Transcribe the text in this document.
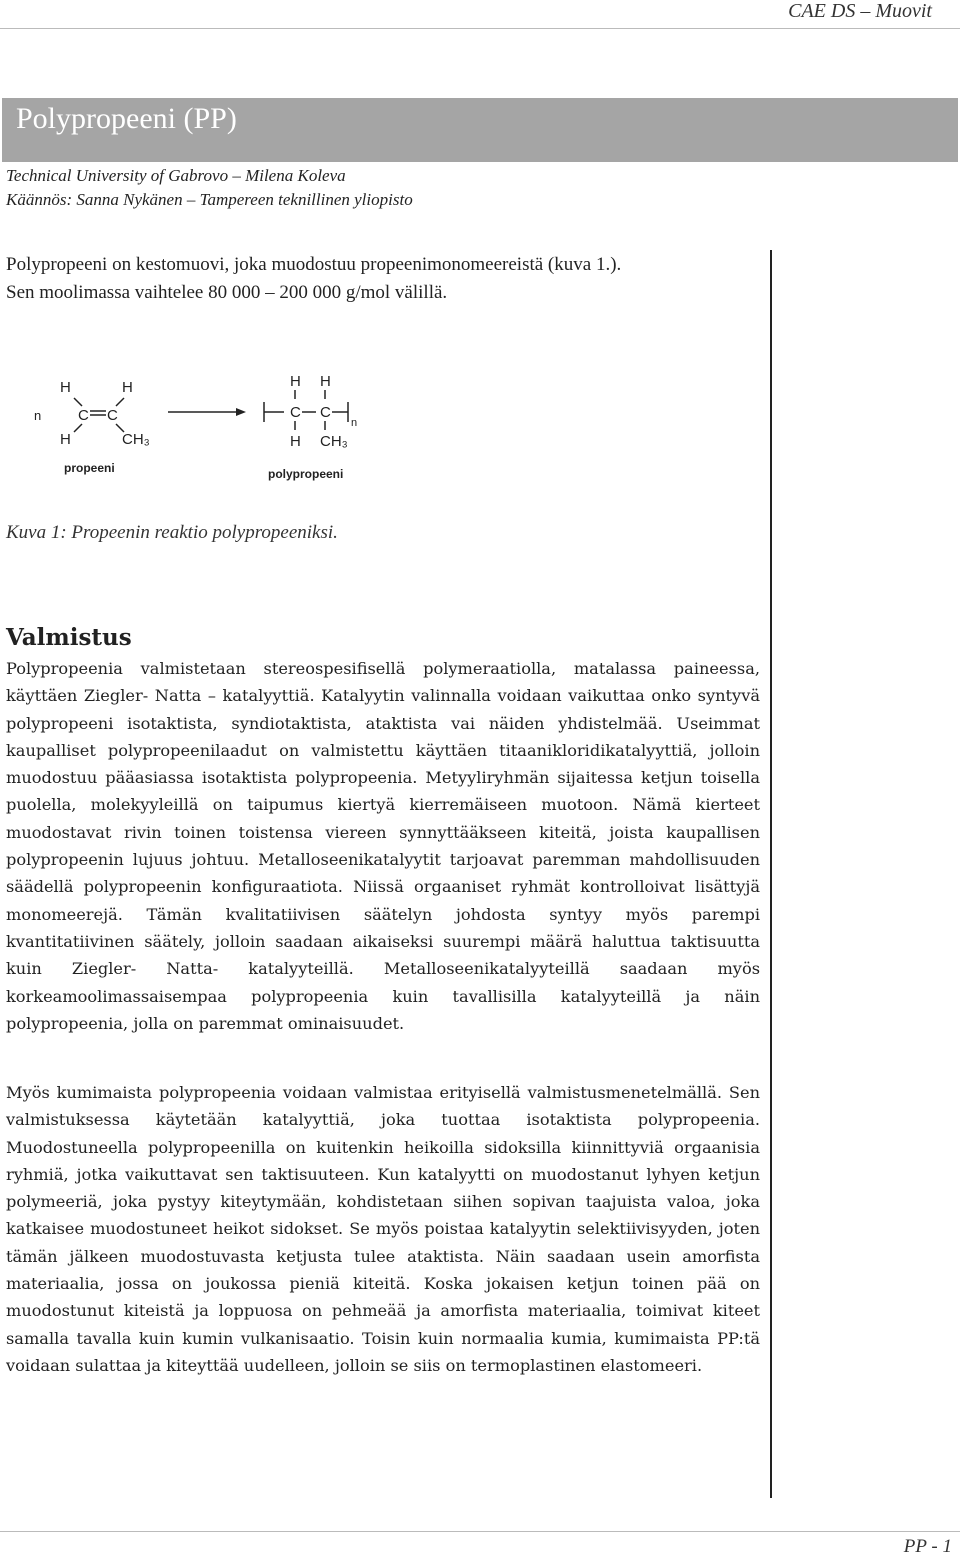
CAE DS – Muovit
Polypropeeni (PP)
Technical University of Gabrovo – Milena Koleva
Käännös: Sanna Nykänen – Tampereen teknillinen yliopisto
Polypropeeni on kestomuovi, joka muodostuu propeenimonomeereistä (kuva 1.).
Sen moolimassa vaihtelee 80 000 – 200 000 g/mol välillä.
n
H	H
C C
H	CH₃
propeeni
H H
C C
n
H CH₃
polypropeeni
Kuva 1: Propeenin reaktio polypropeeniksi.
Valmistus

Polypropeenia valmistetaan stereospesifisellä polymeraatiolla, matalassa paineessa, käyttäen Ziegler- Natta – katalyyttiä. Katalyytin valinnalla voidaan vaikuttaa onko syntyvä polypropeeni isotaktista, syndiotaktista, ataktista vai näiden yhdistelmää. Useimmat kaupalliset polypropeenilaadut on valmistettu käyttäen titaanikloridikatalyyttiä, jolloin muodostuu pääasiassa isotaktista polypropeenia. Metyyliryhmän sijaitessa ketjun toisella puolella, molekyyleillä on taipumus kiertyä kierremäiseen muotoon. Nämä kierteet muodostavat rivin toinen toistensa viereen synnyttääkseen kiteitä, joista kaupallisen polypropeenin lujuus johtuu. Metalloseenikatalyytit tarjoavat paremman mahdollisuuden säädellä polypropeenin konfiguraatiota. Niissä orgaaniset ryhmät kontrolloivat lisättyjä monomeerejä. Tämän kvalitatiivisen säätelyn johdosta syntyy myös parempi kvantitatiivinen säätely, jolloin saadaan aikaiseksi suurempi määrä haluttua taktisuutta kuin Ziegler- Natta- katalyyteillä. Metalloseenikatalyyteillä saadaan myös korkeamoolimassaisempaa polypropeenia kuin tavallisilla katalyyteillä ja näin polypropeenia, jolla on paremmat ominaisuudet.

Myös kumimaista polypropeenia voidaan valmistaa erityisellä valmistusmenetelmällä. Sen valmistuksessa käytetään katalyyttiä, joka tuottaa isotaktista polypropeenia. Muodostuneella polypropeenilla on kuitenkin heikoilla sidoksilla kiinnittyviä orgaanisia ryhmiä, jotka vaikuttavat sen taktisuuteen. Kun katalyytti on muodostanut lyhyen ketjun polymeeriä, joka pystyy kiteytymään, kohdistetaan siihen sopivan taajuista valoa, joka katkaisee muodostuneet heikot sidokset. Se myös poistaa katalyytin selektiivisyyden, joten tämän jälkeen muodostuvasta ketjusta tulee ataktista. Näin saadaan usein amorfista materiaalia, jossa on joukossa pieniä kiteitä. Koska jokaisen ketjun toinen pää on muodostunut kiteistä ja loppuosa on pehmeää ja amorfista materiaalia, toimivat kiteet samalla tavalla kuin kumin vulkanisaatio. Toisin kuin normaalia kumia, kumimaista PP:tä voidaan sulattaa ja kiteyttää uudelleen, jolloin se siis on termoplastinen elastomeeri.

PP - 1
